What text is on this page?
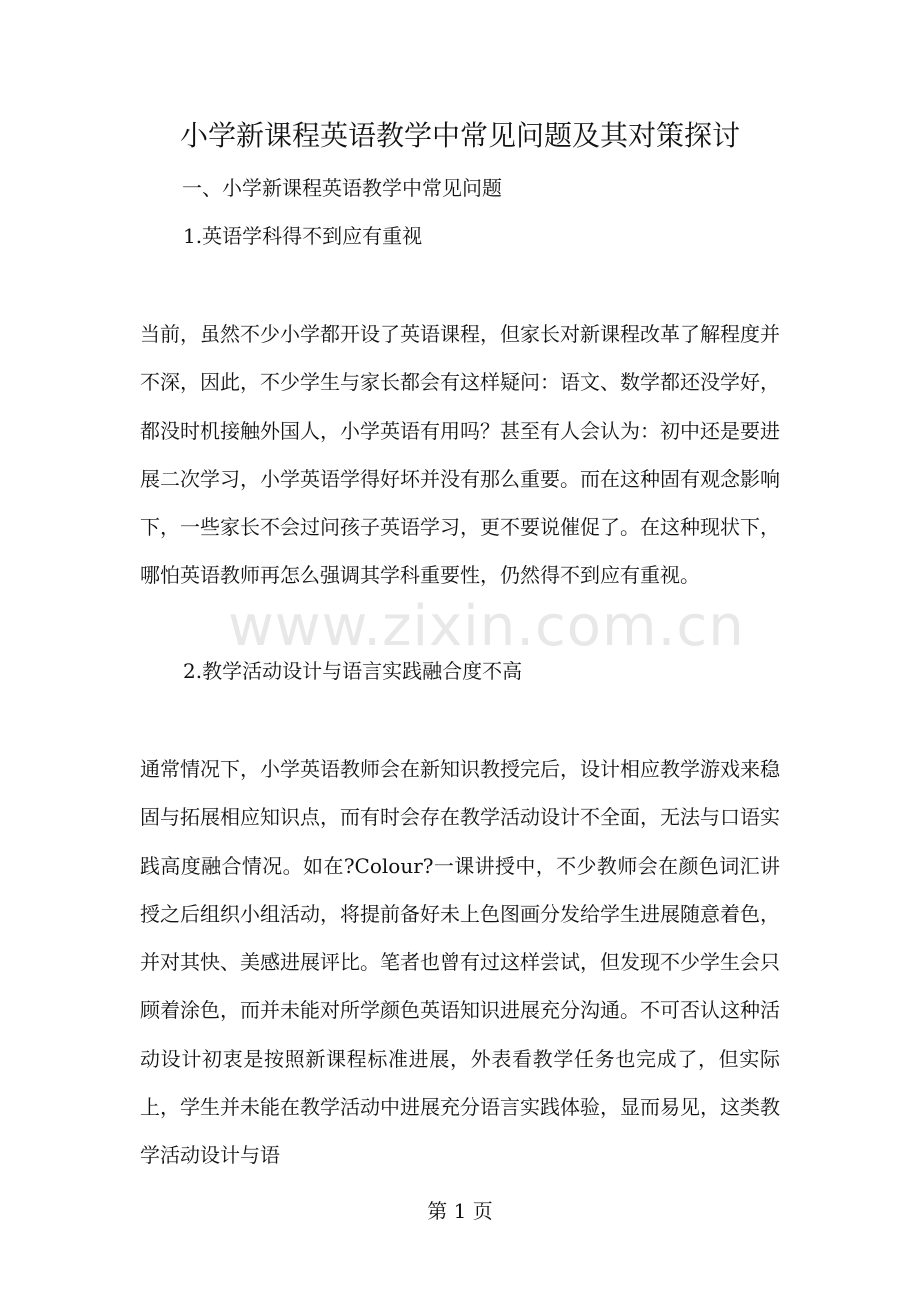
小学新课程英语教学中常见问题及其对策探讨

一、小学新课程英语教学中常见问题

1.英语学科得不到应有重视

当前，虽然不少小学都开设了英语课程，但家长对新课程改革了解程度并不深，因此，不少学生与家长都会有这样疑问：语文、数学都还没学好，都没时机接触外国人，小学英语有用吗？甚至有人会认为：初中还是要进展二次学习，小学英语学得好坏并没有那么重要。而在这种固有观念影响下，一些家长不会过问孩子英语学习，更不要说催促了。在这种现状下，哪怕英语教师再怎么强调其学科重要性，仍然得不到应有重视。

www.zixin.com.cn

2.教学活动设计与语言实践融合度不高

通常情况下，小学英语教师会在新知识教授完后，设计相应教学游戏来稳固与拓展相应知识点，而有时会存在教学活动设计不全面，无法与口语实践高度融合情况。如在?Colour?一课讲授中，不少教师会在颜色词汇讲授之后组织小组活动，将提前备好未上色图画分发给学生进展随意着色，并对其快、美感进展评比。笔者也曾有过这样尝试，但发现不少学生会只顾着涂色，而并未能对所学颜色英语知识进展充分沟通。不可否认这种活动设计初衷是按照新课程标准进展，外表看教学任务也完成了，但实际上，学生并未能在教学活动中进展充分语言实践体验，显而易见，这类教学活动设计与语

第 1 页
